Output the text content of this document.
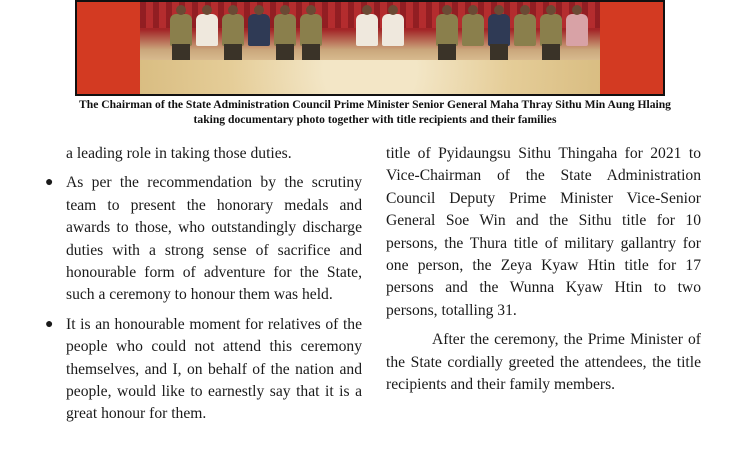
The Chairman of the State Administration Council Prime Minister Senior General Maha Thray Sithu Min Aung Hlaing taking documentary photo together with title recipients and their families

a leading role in taking those duties.

● As per the recommendation by the scrutiny team to present the honorary medals and awards to those, who outstandingly discharge duties with a strong sense of sacrifice and honourable form of adventure for the State, such a ceremony to honour them was held.
● It is an honourable moment for relatives of the people who could not attend this ceremony themselves, and I, on behalf of the nation and people, would like to earnestly say that it is a great honour for them.

title of Pyidaungsu Sithu Thingaha for 2021 to Vice-Chairman of the State Administration Council Deputy Prime Minister Vice-Senior General Soe Win and the Sithu title for 10 persons, the Thura title of military gallantry for one person, the Zeya Kyaw Htin title for 17 persons and the Wunna Kyaw Htin to two persons, totalling 31.

After the ceremony, the Prime Minister of the State cordially greeted the attendees, the title recipients and their family members.
